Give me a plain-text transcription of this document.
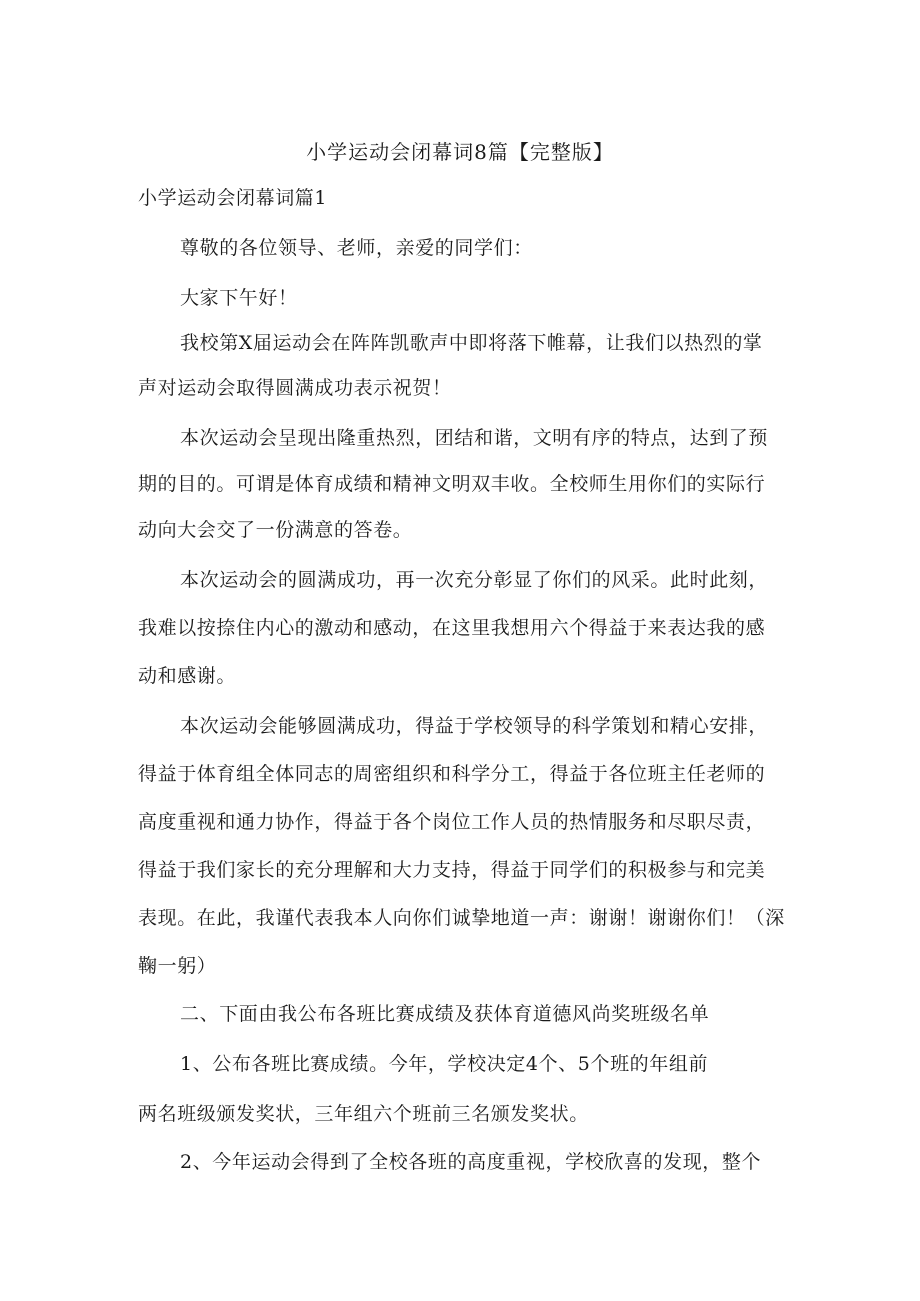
小学运动会闭幕词8篇【完整版】
小学运动会闭幕词篇1
尊敬的各位领导、老师，亲爱的同学们：
大家下午好！
我校第X届运动会在阵阵凯歌声中即将落下帷幕，让我们以热烈的掌
声对运动会取得圆满成功表示祝贺！
本次运动会呈现出隆重热烈，团结和谐，文明有序的特点，达到了预
期的目的。可谓是体育成绩和精神文明双丰收。全校师生用你们的实际行
动向大会交了一份满意的答卷。
本次运动会的圆满成功，再一次充分彰显了你们的风采。此时此刻，
我难以按捺住内心的激动和感动，在这里我想用六个得益于来表达我的感
动和感谢。
本次运动会能够圆满成功，得益于学校领导的科学策划和精心安排，
得益于体育组全体同志的周密组织和科学分工，得益于各位班主任老师的
高度重视和通力协作，得益于各个岗位工作人员的热情服务和尽职尽责，
得益于我们家长的充分理解和大力支持，得益于同学们的积极参与和完美
表现。在此，我谨代表我本人向你们诚挚地道一声：谢谢！谢谢你们！（深
鞠一躬）
二、下面由我公布各班比赛成绩及获体育道德风尚奖班级名单
1、公布各班比赛成绩。今年，学校决定4个、5个班的年组前
两名班级颁发奖状，三年组六个班前三名颁发奖状。
2、今年运动会得到了全校各班的高度重视，学校欣喜的发现，整个
